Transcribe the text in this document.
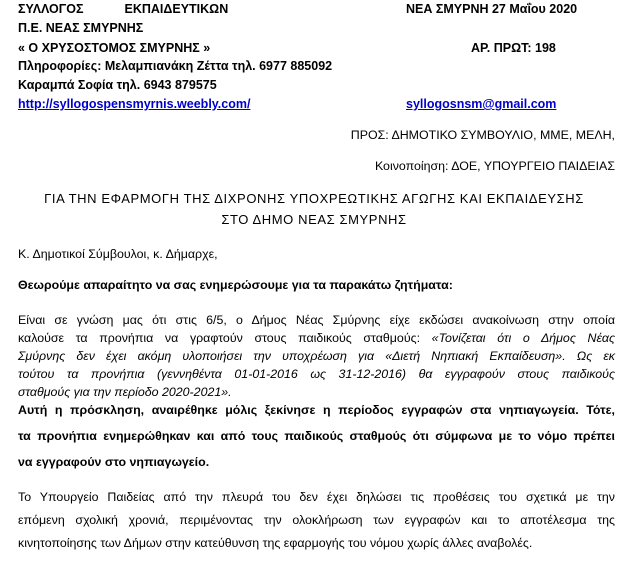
ΣΥΛΛΟΓΟΣ	ΕΚΠΑΙΔΕΥΤΙΚΩΝ
Π.Ε. ΝΕΑΣ ΣΜΥΡΝΗΣ
« Ο ΧΡΥΣΟΣΤΟΜΟΣ ΣΜΥΡΝΗΣ »
Πληροφορίες: Μελαμπιανάκη Ζέττα τηλ. 6977 885092
Καραμπά Σοφία τηλ. 6943 879575
http://syllogospensmyrnis.weebly.com/
ΝΕΑ ΣΜΥΡΝΗ 27 Μαΐου 2020
ΑΡ. ΠΡΩΤ: 198
syllogosnsm@gmail.com
ΠΡΟΣ: ΔΗΜΟΤΙΚΟ ΣΥΜΒΟΥΛΙΟ, ΜΜΕ, ΜΕΛΗ,
Κοινοποίηση: ΔΟΕ, ΥΠΟΥΡΓΕΙΟ ΠΑΙΔΕΙΑΣ
ΓΙΑ ΤΗΝ ΕΦΑΡΜΟΓΗ ΤΗΣ ΔΙΧΡΟΝΗΣ ΥΠΟΧΡΕΩΤΙΚΗΣ ΑΓΩΓΗΣ ΚΑΙ ΕΚΠΑΙΔΕΥΣΗΣ
ΣΤΟ ΔΗΜΟ ΝΕΑΣ ΣΜΥΡΝΗΣ
Κ. Δημοτικοί Σύμβουλοι, κ. Δήμαρχε,
Θεωρούμε απαραίτητο να σας ενημερώσουμε για τα παρακάτω ζητήματα:
Είναι σε γνώση μας ότι στις 6/5, ο Δήμος Νέας Σμύρνης είχε εκδώσει ανακοίνωση στην οποία
καλούσε τα προνήπια να γραφτούν στους παιδικούς σταθμούς: «Τονίζεται ότι ο Δήμος Νέας
Σμύρνης δεν έχει ακόμη υλοποιήσει την υποχρέωση για «Διετή Νηπιακή Εκπαίδευση». Ως εκ
τούτου τα προνήπια (γεννηθέντα 01-01-2016 ως 31-12-2016) θα εγγραφούν στους παιδικούς
σταθμούς για την περίοδο 2020-2021».
Αυτή η πρόσκληση, αναιρέθηκε μόλις ξεκίνησε η περίοδος εγγραφών στα νηπιαγωγεία. Τότε,
τα προνήπια ενημερώθηκαν και από τους παιδικούς σταθμούς ότι σύμφωνα με το νόμο πρέπει
να εγγραφούν στο νηπιαγωγείο.
Το Υπουργείο Παιδείας από την πλευρά του δεν έχει δηλώσει τις προθέσεις του σχετικά με την
επόμενη σχολική χρονιά, περιμένοντας την ολοκλήρωση των εγγραφών και το αποτέλεσμα της
κινητοποίησης των Δήμων στην κατεύθυνση της εφαρμογής του νόμου χωρίς άλλες αναβολές.
